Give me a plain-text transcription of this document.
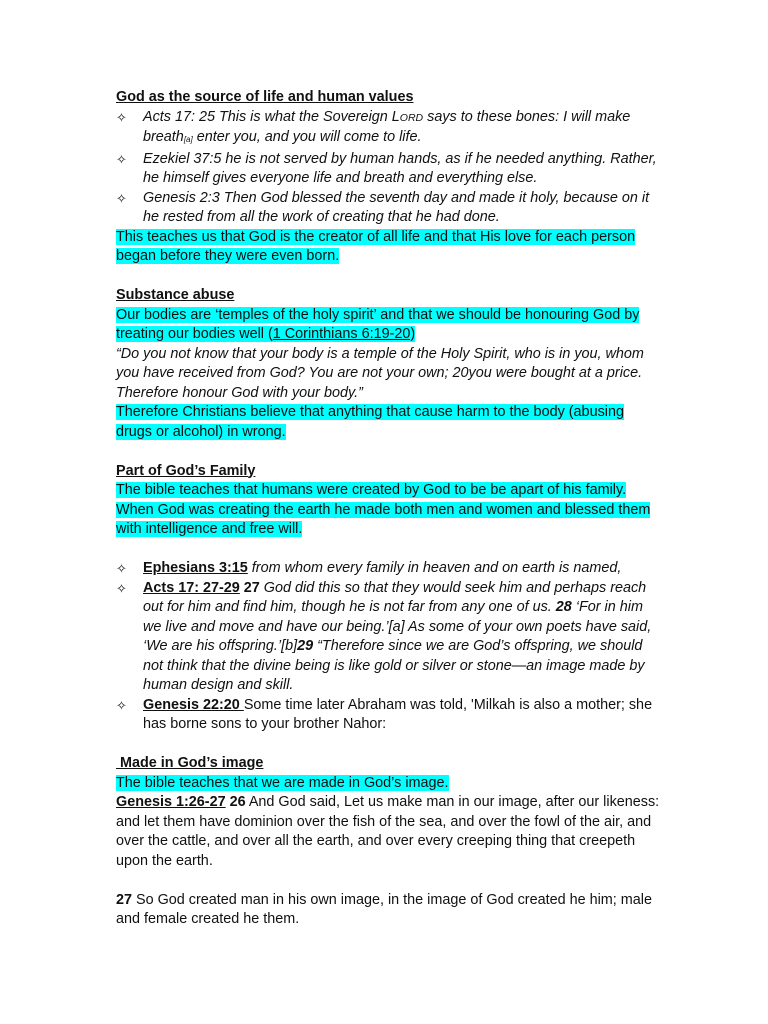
God as the source of life and human values

✧	Acts 17: 25 This is what the Sovereign LORD says to these bones: I will make breath[a] enter you, and you will come to life.
✧	Ezekiel 37:5 he is not served by human hands, as if he needed anything. Rather, he himself gives everyone life and breath and everything else.
✧	Genesis 2:3 Then God blessed the seventh day and made it holy, because on it he rested from all the work of creating that he had done.

This teaches us that God is the creator of all life and that His love for each person began before they were even born.

Substance abuse

Our bodies are ‘temples of the holy spirit’ and that we should be honouring God by treating our bodies well (1 Corinthians 6:19-20)

“Do you not know that your body is a temple of the Holy Spirit, who is in you, whom you have received from God? You are not your own; 20you were bought at a price. Therefore honour God with your body.”

Therefore Christians believe that anything that cause harm to the body (abusing drugs or alcohol) in wrong.

Part of God’s Family

The bible teaches that humans were created by God to be be apart of his family. When God was creating the earth he made both men and women and blessed them with intelligence and free will.

✧	Ephesians 3:15 from whom every family in heaven and on earth is named,
✧	Acts 17: 27-29 27 God did this so that they would seek him and perhaps reach out for him and find him, though he is not far from any one of us. 28 ‘For in him we live and move and have our being.’[a] As some of your own poets have said, ‘We are his offspring.’[b]29 “Therefore since we are God’s offspring, we should not think that the divine being is like gold or silver or stone—an image made by human design and skill.
✧	Genesis 22:20 Some time later Abraham was told, 'Milkah is also a mother; she has borne sons to your brother Nahor:

Made in God’s image

The bible teaches that we are made in God’s image.

Genesis 1:26-27 26 And God said, Let us make man in our image, after our likeness: and let them have dominion over the fish of the sea, and over the fowl of the air, and over the cattle, and over all the earth, and over every creeping thing that creepeth upon the earth.

27 So God created man in his own image, in the image of God created he him; male and female created he them.
